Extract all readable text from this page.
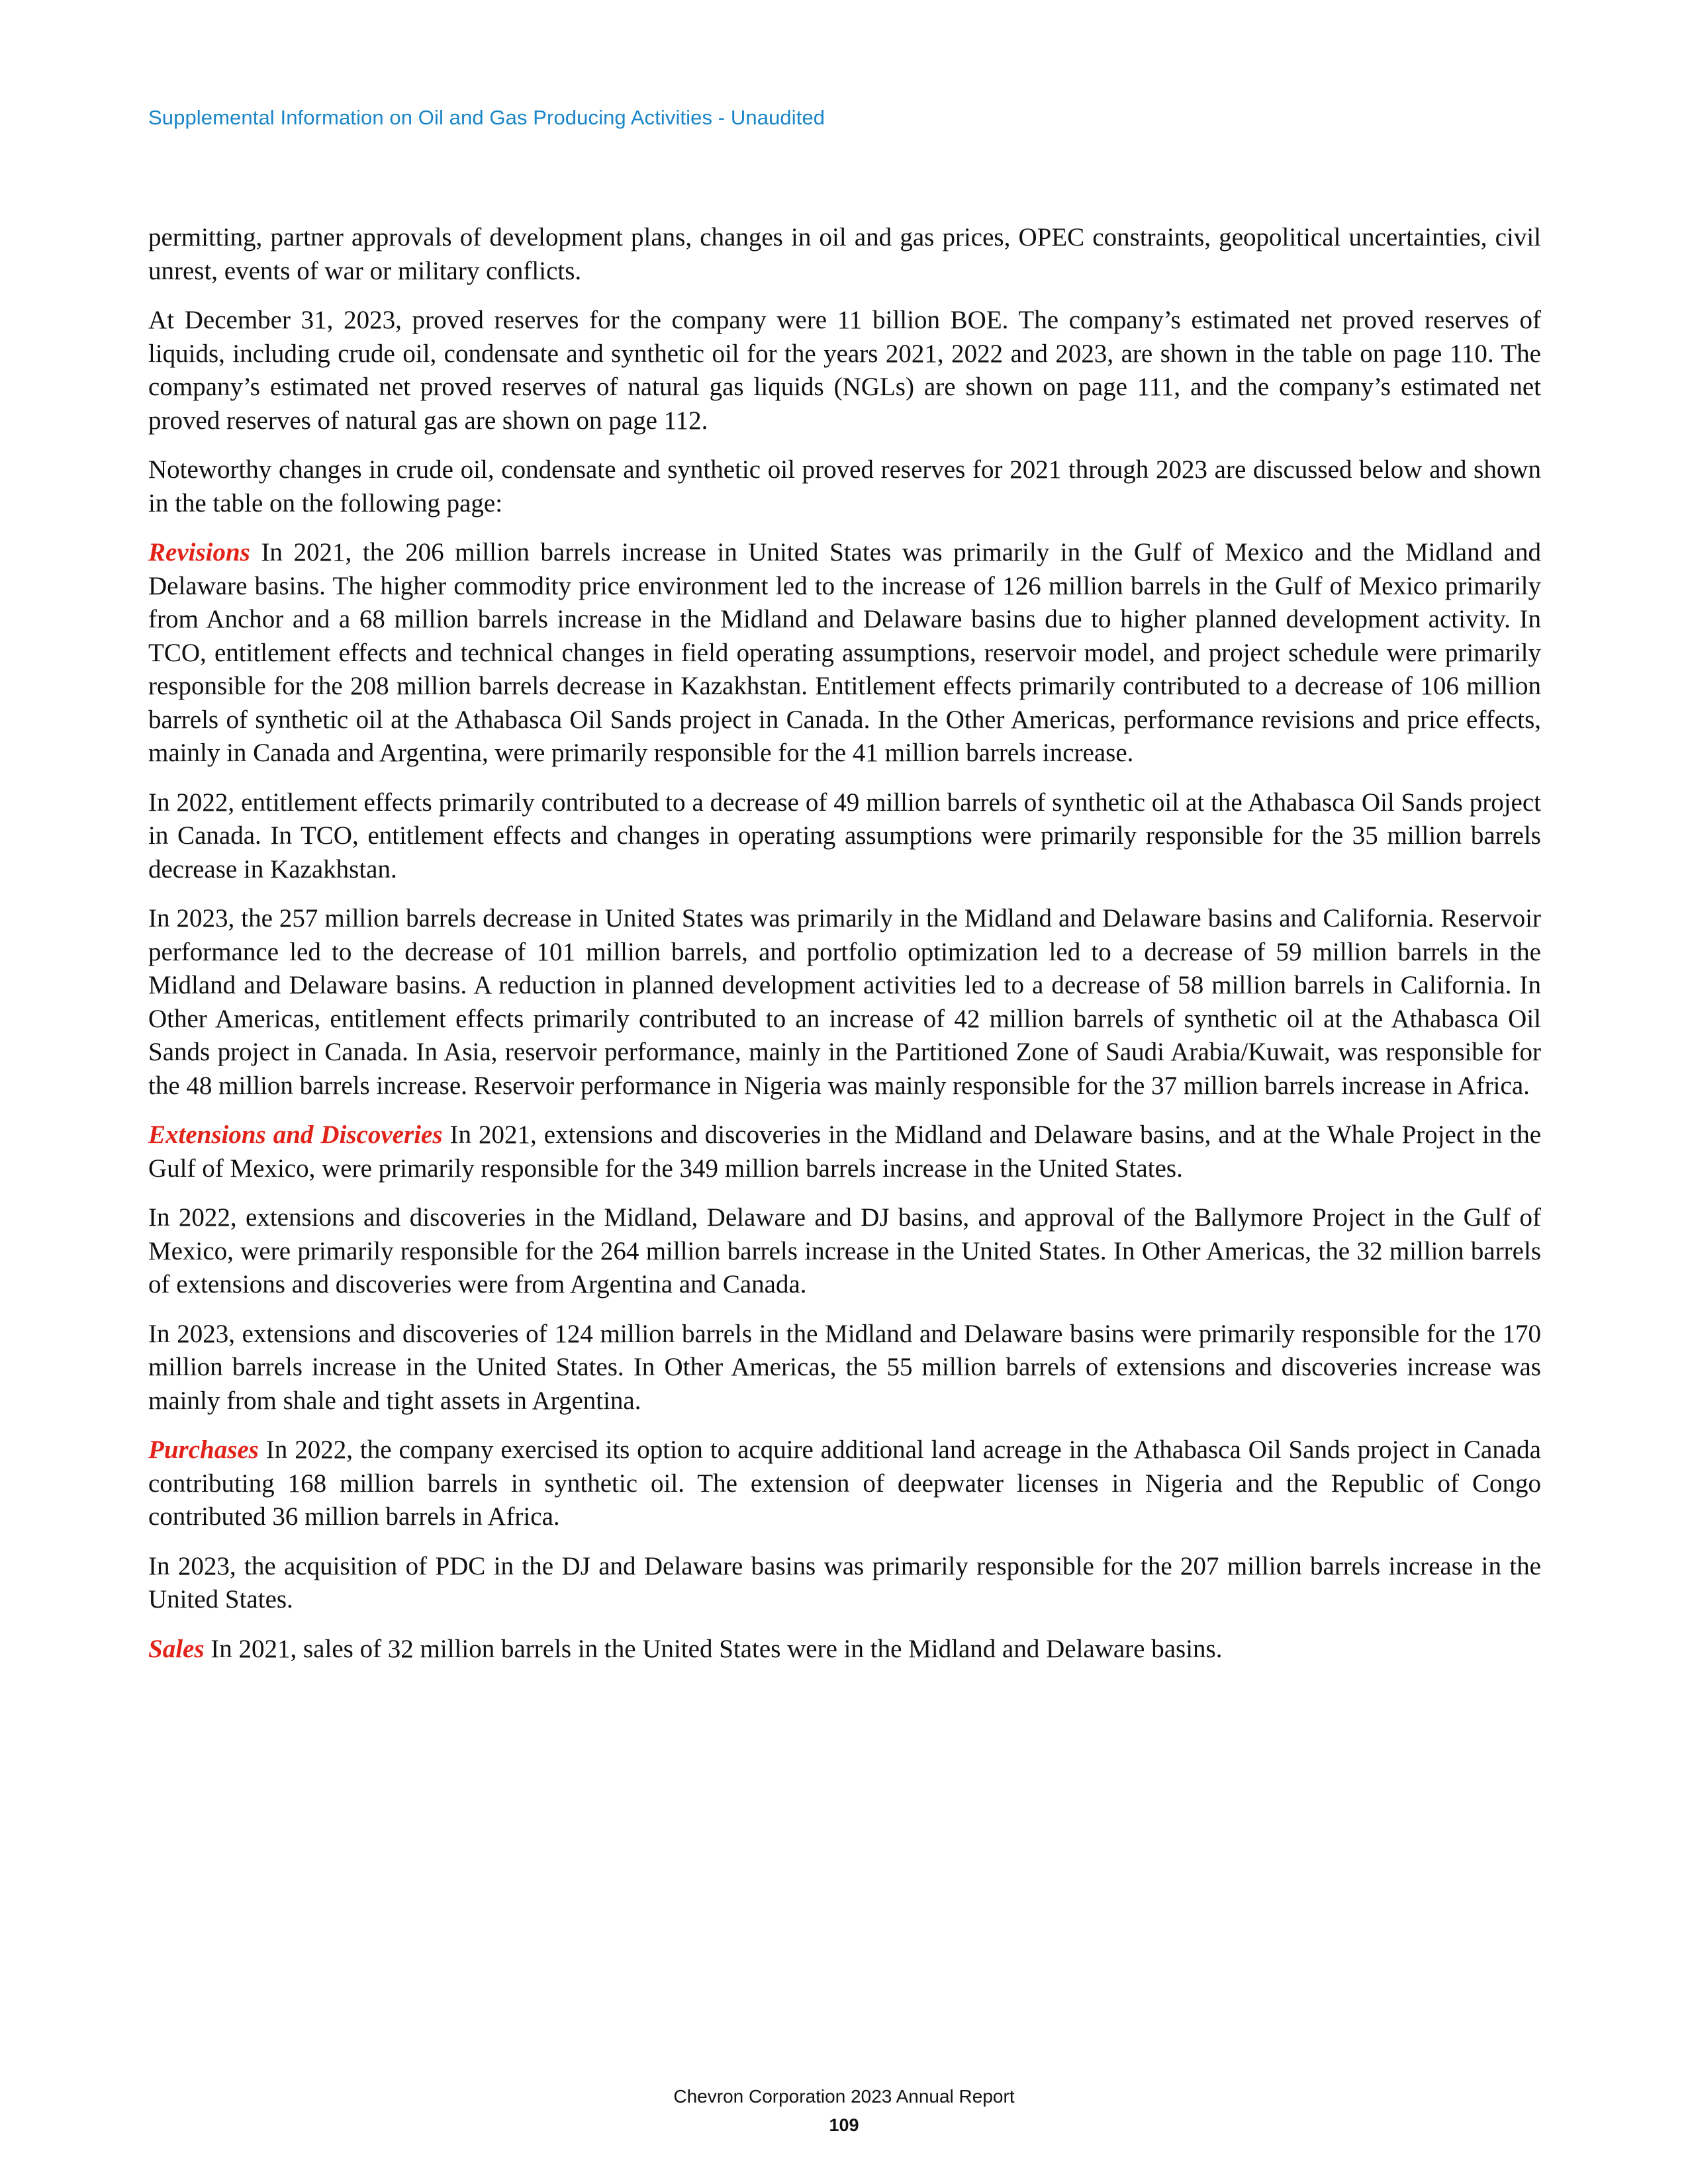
Supplemental Information on Oil and Gas Producing Activities - Unaudited

permitting, partner approvals of development plans, changes in oil and gas prices, OPEC constraints, geopolitical uncertainties, civil unrest, events of war or military conflicts.

At December 31, 2023, proved reserves for the company were 11 billion BOE. The company’s estimated net proved reserves of liquids, including crude oil, condensate and synthetic oil for the years 2021, 2022 and 2023, are shown in the table on page 110. The company’s estimated net proved reserves of natural gas liquids (NGLs) are shown on page 111, and the company’s estimated net proved reserves of natural gas are shown on page 112.

Noteworthy changes in crude oil, condensate and synthetic oil proved reserves for 2021 through 2023 are discussed below and shown in the table on the following page:

Revisions In 2021, the 206 million barrels increase in United States was primarily in the Gulf of Mexico and the Midland and Delaware basins. The higher commodity price environment led to the increase of 126 million barrels in the Gulf of Mexico primarily from Anchor and a 68 million barrels increase in the Midland and Delaware basins due to higher planned development activity. In TCO, entitlement effects and technical changes in field operating assumptions, reservoir model, and project schedule were primarily responsible for the 208 million barrels decrease in Kazakhstan. Entitlement effects primarily contributed to a decrease of 106 million barrels of synthetic oil at the Athabasca Oil Sands project in Canada. In the Other Americas, performance revisions and price effects, mainly in Canada and Argentina, were primarily responsible for the 41 million barrels increase.

In 2022, entitlement effects primarily contributed to a decrease of 49 million barrels of synthetic oil at the Athabasca Oil Sands project in Canada. In TCO, entitlement effects and changes in operating assumptions were primarily responsible for the 35 million barrels decrease in Kazakhstan.

In 2023, the 257 million barrels decrease in United States was primarily in the Midland and Delaware basins and California. Reservoir performance led to the decrease of 101 million barrels, and portfolio optimization led to a decrease of 59 million barrels in the Midland and Delaware basins. A reduction in planned development activities led to a decrease of 58 million barrels in California. In Other Americas, entitlement effects primarily contributed to an increase of 42 million barrels of synthetic oil at the Athabasca Oil Sands project in Canada. In Asia, reservoir performance, mainly in the Partitioned Zone of Saudi Arabia/Kuwait, was responsible for the 48 million barrels increase. Reservoir performance in Nigeria was mainly responsible for the 37 million barrels increase in Africa.

Extensions and Discoveries In 2021, extensions and discoveries in the Midland and Delaware basins, and at the Whale Project in the Gulf of Mexico, were primarily responsible for the 349 million barrels increase in the United States.

In 2022, extensions and discoveries in the Midland, Delaware and DJ basins, and approval of the Ballymore Project in the Gulf of Mexico, were primarily responsible for the 264 million barrels increase in the United States. In Other Americas, the 32 million barrels of extensions and discoveries were from Argentina and Canada.

In 2023, extensions and discoveries of 124 million barrels in the Midland and Delaware basins were primarily responsible for the 170 million barrels increase in the United States. In Other Americas, the 55 million barrels of extensions and discoveries increase was mainly from shale and tight assets in Argentina.

Purchases In 2022, the company exercised its option to acquire additional land acreage in the Athabasca Oil Sands project in Canada contributing 168 million barrels in synthetic oil. The extension of deepwater licenses in Nigeria and the Republic of Congo contributed 36 million barrels in Africa.

In 2023, the acquisition of PDC in the DJ and Delaware basins was primarily responsible for the 207 million barrels increase in the United States.

Sales In 2021, sales of 32 million barrels in the United States were in the Midland and Delaware basins.

Chevron Corporation 2023 Annual Report
109
